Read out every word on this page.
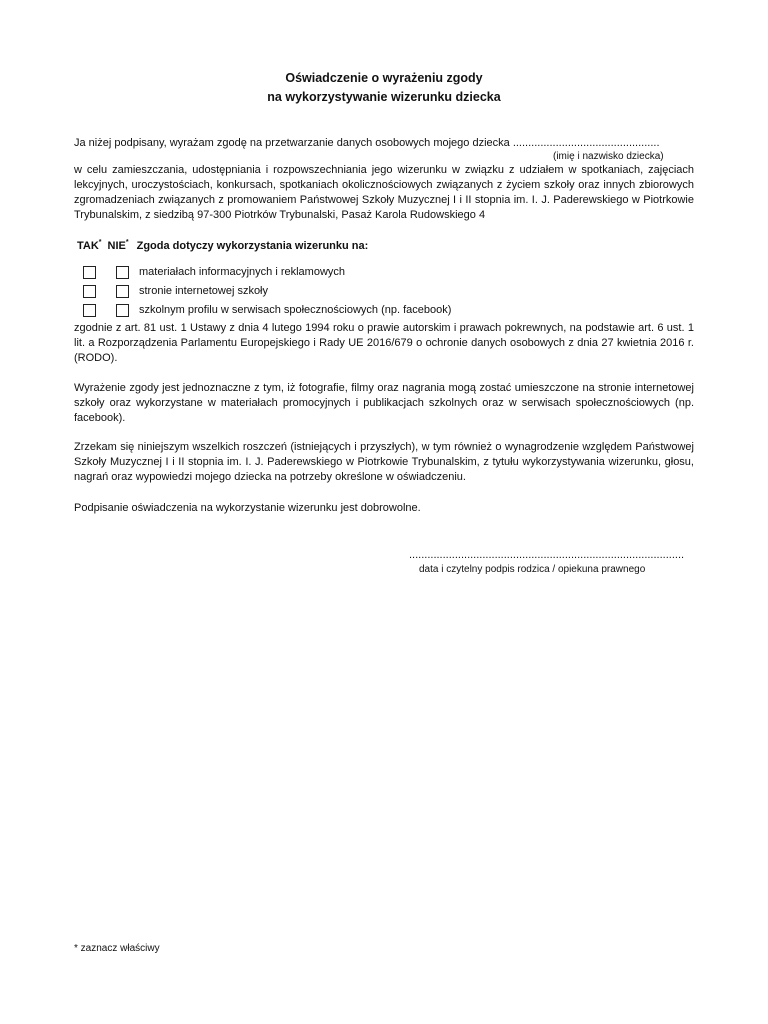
Oświadczenie o wyrażeniu zgody
na wykorzystywanie wizerunku dziecka
Ja niżej podpisany, wyrażam zgodę na przetwarzanie danych osobowych mojego dziecka ................................................
(imię i nazwisko dziecka)
w celu zamieszczania, udostępniania i rozpowszechniania jego wizerunku w związku z udziałem w spotkaniach, zajęciach lekcyjnych, uroczystościach, konkursach, spotkaniach okolicznościowych związanych z życiem szkoły oraz innych zbiorowych zgromadzeniach związanych z promowaniem Państwowej Szkoły Muzycznej I i II stopnia im. I. J. Paderewskiego w Piotrkowie Trybunalskim, z siedzibą 97-300 Piotrków Trybunalski, Pasaż Karola Rudowskiego 4
TAK* NIE* Zgoda dotyczy wykorzystania wizerunku na:
materiałach informacyjnych i reklamowych
stronie internetowej szkoły
szkolnym profilu w serwisach społecznościowych (np. facebook)
zgodnie z art. 81 ust. 1 Ustawy z dnia 4 lutego 1994 roku o prawie autorskim i prawach pokrewnych, na podstawie art. 6 ust. 1 lit. a Rozporządzenia Parlamentu Europejskiego i Rady UE 2016/679 o ochronie danych osobowych z dnia 27 kwietnia 2016 r. (RODO).
Wyrażenie zgody jest jednoznaczne z tym, iż fotografie, filmy oraz nagrania mogą zostać umieszczone na stronie internetowej szkoły oraz wykorzystane w materiałach promocyjnych i publikacjach szkolnych oraz w serwisach społecznościowych (np. facebook).
Zrzekam się niniejszym wszelkich roszczeń (istniejących i przyszłych), w tym również o wynagrodzenie względem Państwowej Szkoły Muzycznej I i II stopnia im. I. J. Paderewskiego w Piotrkowie Trybunalskim, z tytułu wykorzystywania wizerunku, głosu, nagrań oraz wypowiedzi mojego dziecka na potrzeby określone w oświadczeniu.
Podpisanie oświadczenia na wykorzystanie wizerunku jest dobrowolne.
..........................................................................................
data i czytelny podpis rodzica / opiekuna prawnego
* zaznacz właściwy
